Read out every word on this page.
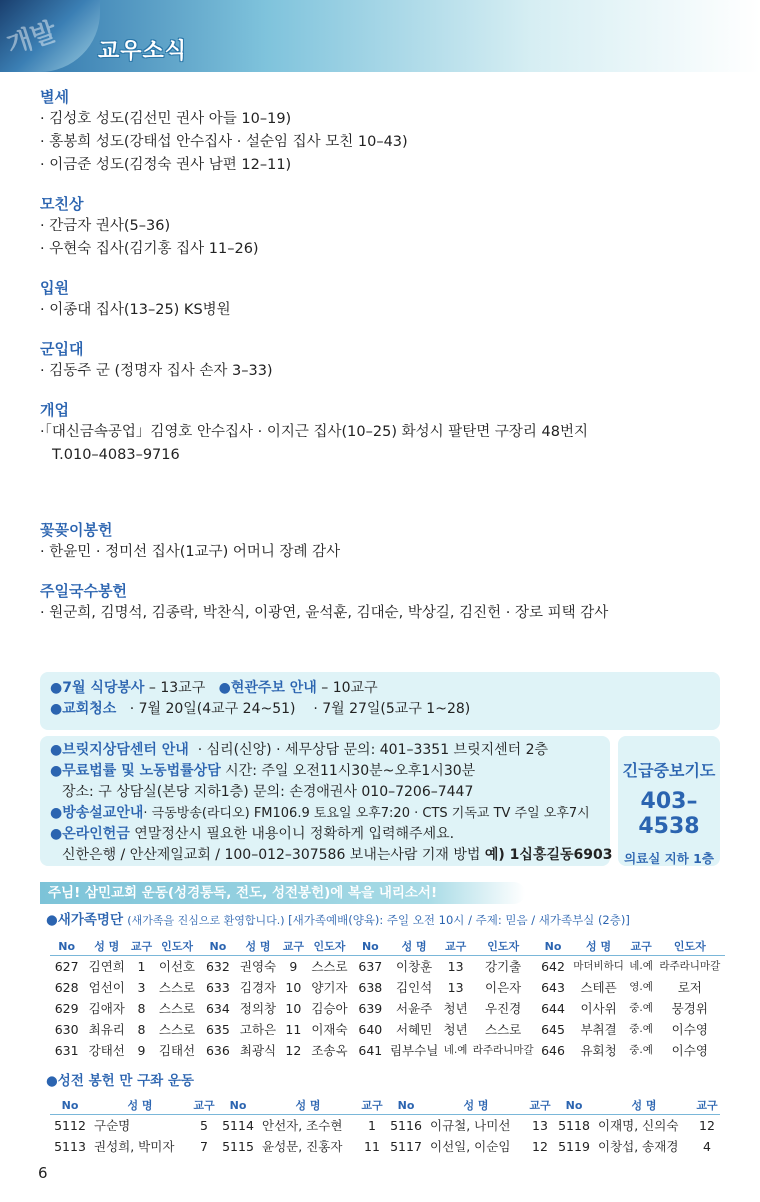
개발 교우소식
별세
· 김성호 성도(김선민 권사 아들 10–19)
· 홍봉희 성도(강태섭 안수집사 · 설순임 집사 모친 10–43)
· 이금준 성도(김정숙 권사 남편 12–11)
모친상
· 간금자 권사(5–36)
· 우현숙 집사(김기홍 집사 11–26)
입원
· 이종대 집사(13–25) KS병원
군입대
· 김동주 군 (정명자 집사 손자 3–33)
개업
·「대신금속공업」김영호 안수집사 · 이지근 집사(10–25) 화성시 팔탄면 구장리 48번지
T.010–4083–9716
꽃꽂이봉헌
· 한윤민 · 정미선 집사(1교구) 어머니 장례 감사
주일국수봉헌
· 원군희, 김명석, 김종락, 박찬식, 이광연, 윤석훈, 김대순, 박상길, 김진헌 · 장로 피택 감사
●7월 식당봉사 – 13교구 ●현관주보 안내 – 10교구
●교회청소 · 7월 20일(4교구 24~51) · 7월 27일(5교구 1~28)
●브릿지상담센터 안내 · 심리(신앙) · 세무상담 문의: 401–3351 브릿지센터 2층
●무료법률 및 노동법률상담 시간: 주일 오전11시30분~오후1시30분
장소: 구 상담실(본당 지하1층) 문의: 손경애권사 010–7206–7447
●방송설교안내· 극동방송(라디오) FM106.9 토요일 오후7:20 · CTS 기독교 TV 주일 오후7시
●온라인헌금 연말정산시 필요한 내용이니 정확하게 입력해주세요.
신한은행 / 안산제일교회 / 100–012–307586 보내는사람 기재 방법 예) 1십홍길동6903
긴급중보기도
403–4538
의료실 지하 1층
주님! 삼민교회 운동(성경통독, 전도, 성전봉헌)에 복을 내리소서!
●새가족명단 (새가족을 진심으로 환영합니다.) [새가족예배(양육): 주일 오전 10시 / 주제: 믿음 / 새가족부실 (2층)]
No	성 명	교구	인도자	No	성 명	교구	인도자	No	성 명	교구	인도자	No	성 명	교구	인도자
627	김연희	1	이선호	632	권영숙	9	스스로	637	이창훈	13	강기출	642	마더비하디	네.예	라주라니마갈
628	엄선이	3	스스로	633	김경자	10	양기자	638	김인석	13	이은자	643	스테픈	영.예	로저
629	김애자	8	스스로	634	정의창	10	김승아	639	서윤주	청년	우진경	644	이사위	중.예	뭉경위
630	최유리	8	스스로	635	고하은	11	이재숙	640	서혜민	청년	스스로	645	부취결	중.예	이수영
631	강태선	9	김태선	636	최광식	12	조송옥	641	림부수닐	네.예	라주라니마갈	646	유회청	중.예	이수영
●성전 봉헌 만 구좌 운동
No	성 명	교구	No	성 명	교구	No	성 명	교구	No	성 명	교구
5112	구순명	5	5114	안선자, 조수현	1	5116	이규철, 나미선	13	5118	이재명, 신의숙	12
5113	권성희, 박미자	7	5115	윤성문, 진홍자	11	5117	이선일, 이순임	12	5119	이창섭, 송재경	4
6
